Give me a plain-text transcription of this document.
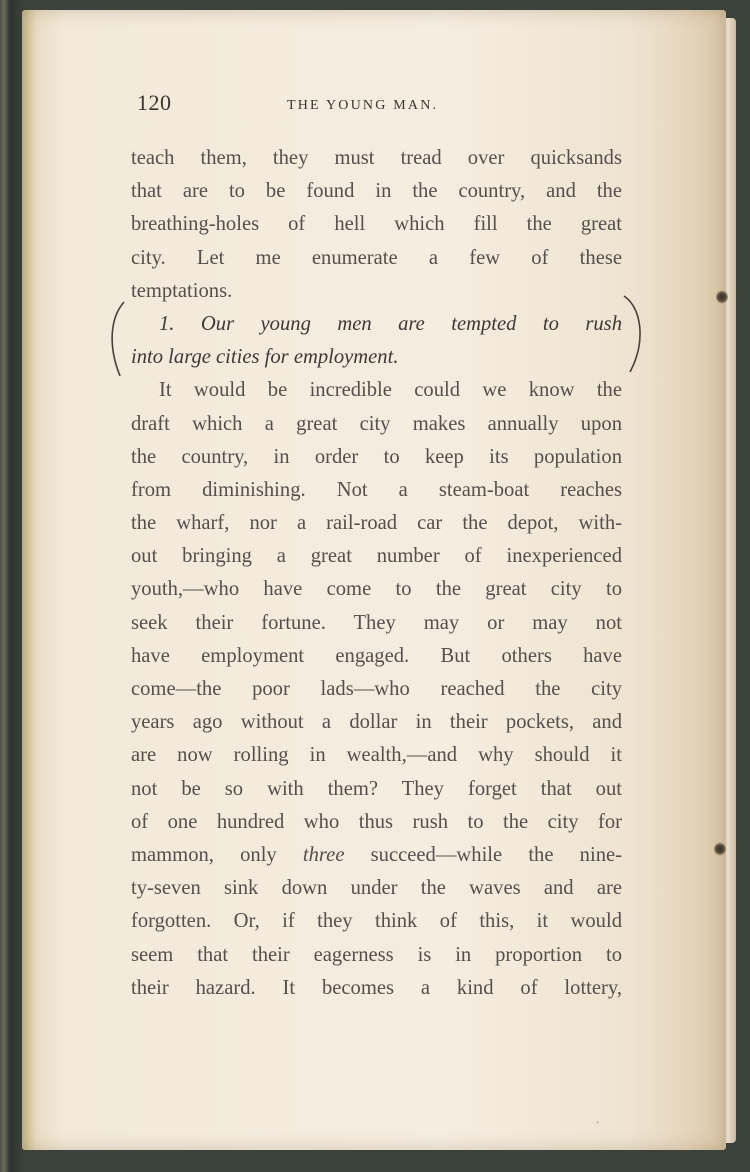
120	THE YOUNG MAN.
teach them, they must tread over quicksands
that are to be found in the country, and the
breathing-holes of hell which fill the great
city. Let me enumerate a few of these
temptations.
1. Our young men are tempted to rush
into large cities for employment.
It would be incredible could we know the
draft which a great city makes annually upon
the country, in order to keep its population
from diminishing. Not a steam-boat reaches
the wharf, nor a rail-road car the depot, with-
out bringing a great number of inexperienced
youth,—who have come to the great city to
seek their fortune. They may or may not
have employment engaged. But others have
come—the poor lads—who reached the city
years ago without a dollar in their pockets, and
are now rolling in wealth,—and why should it
not be so with them? They forget that out
of one hundred who thus rush to the city for
mammon, only three succeed—while the nine-
ty-seven sink down under the waves and are
forgotten. Or, if they think of this, it would
seem that their eagerness is in proportion to
their hazard. It becomes a kind of lottery,
·
